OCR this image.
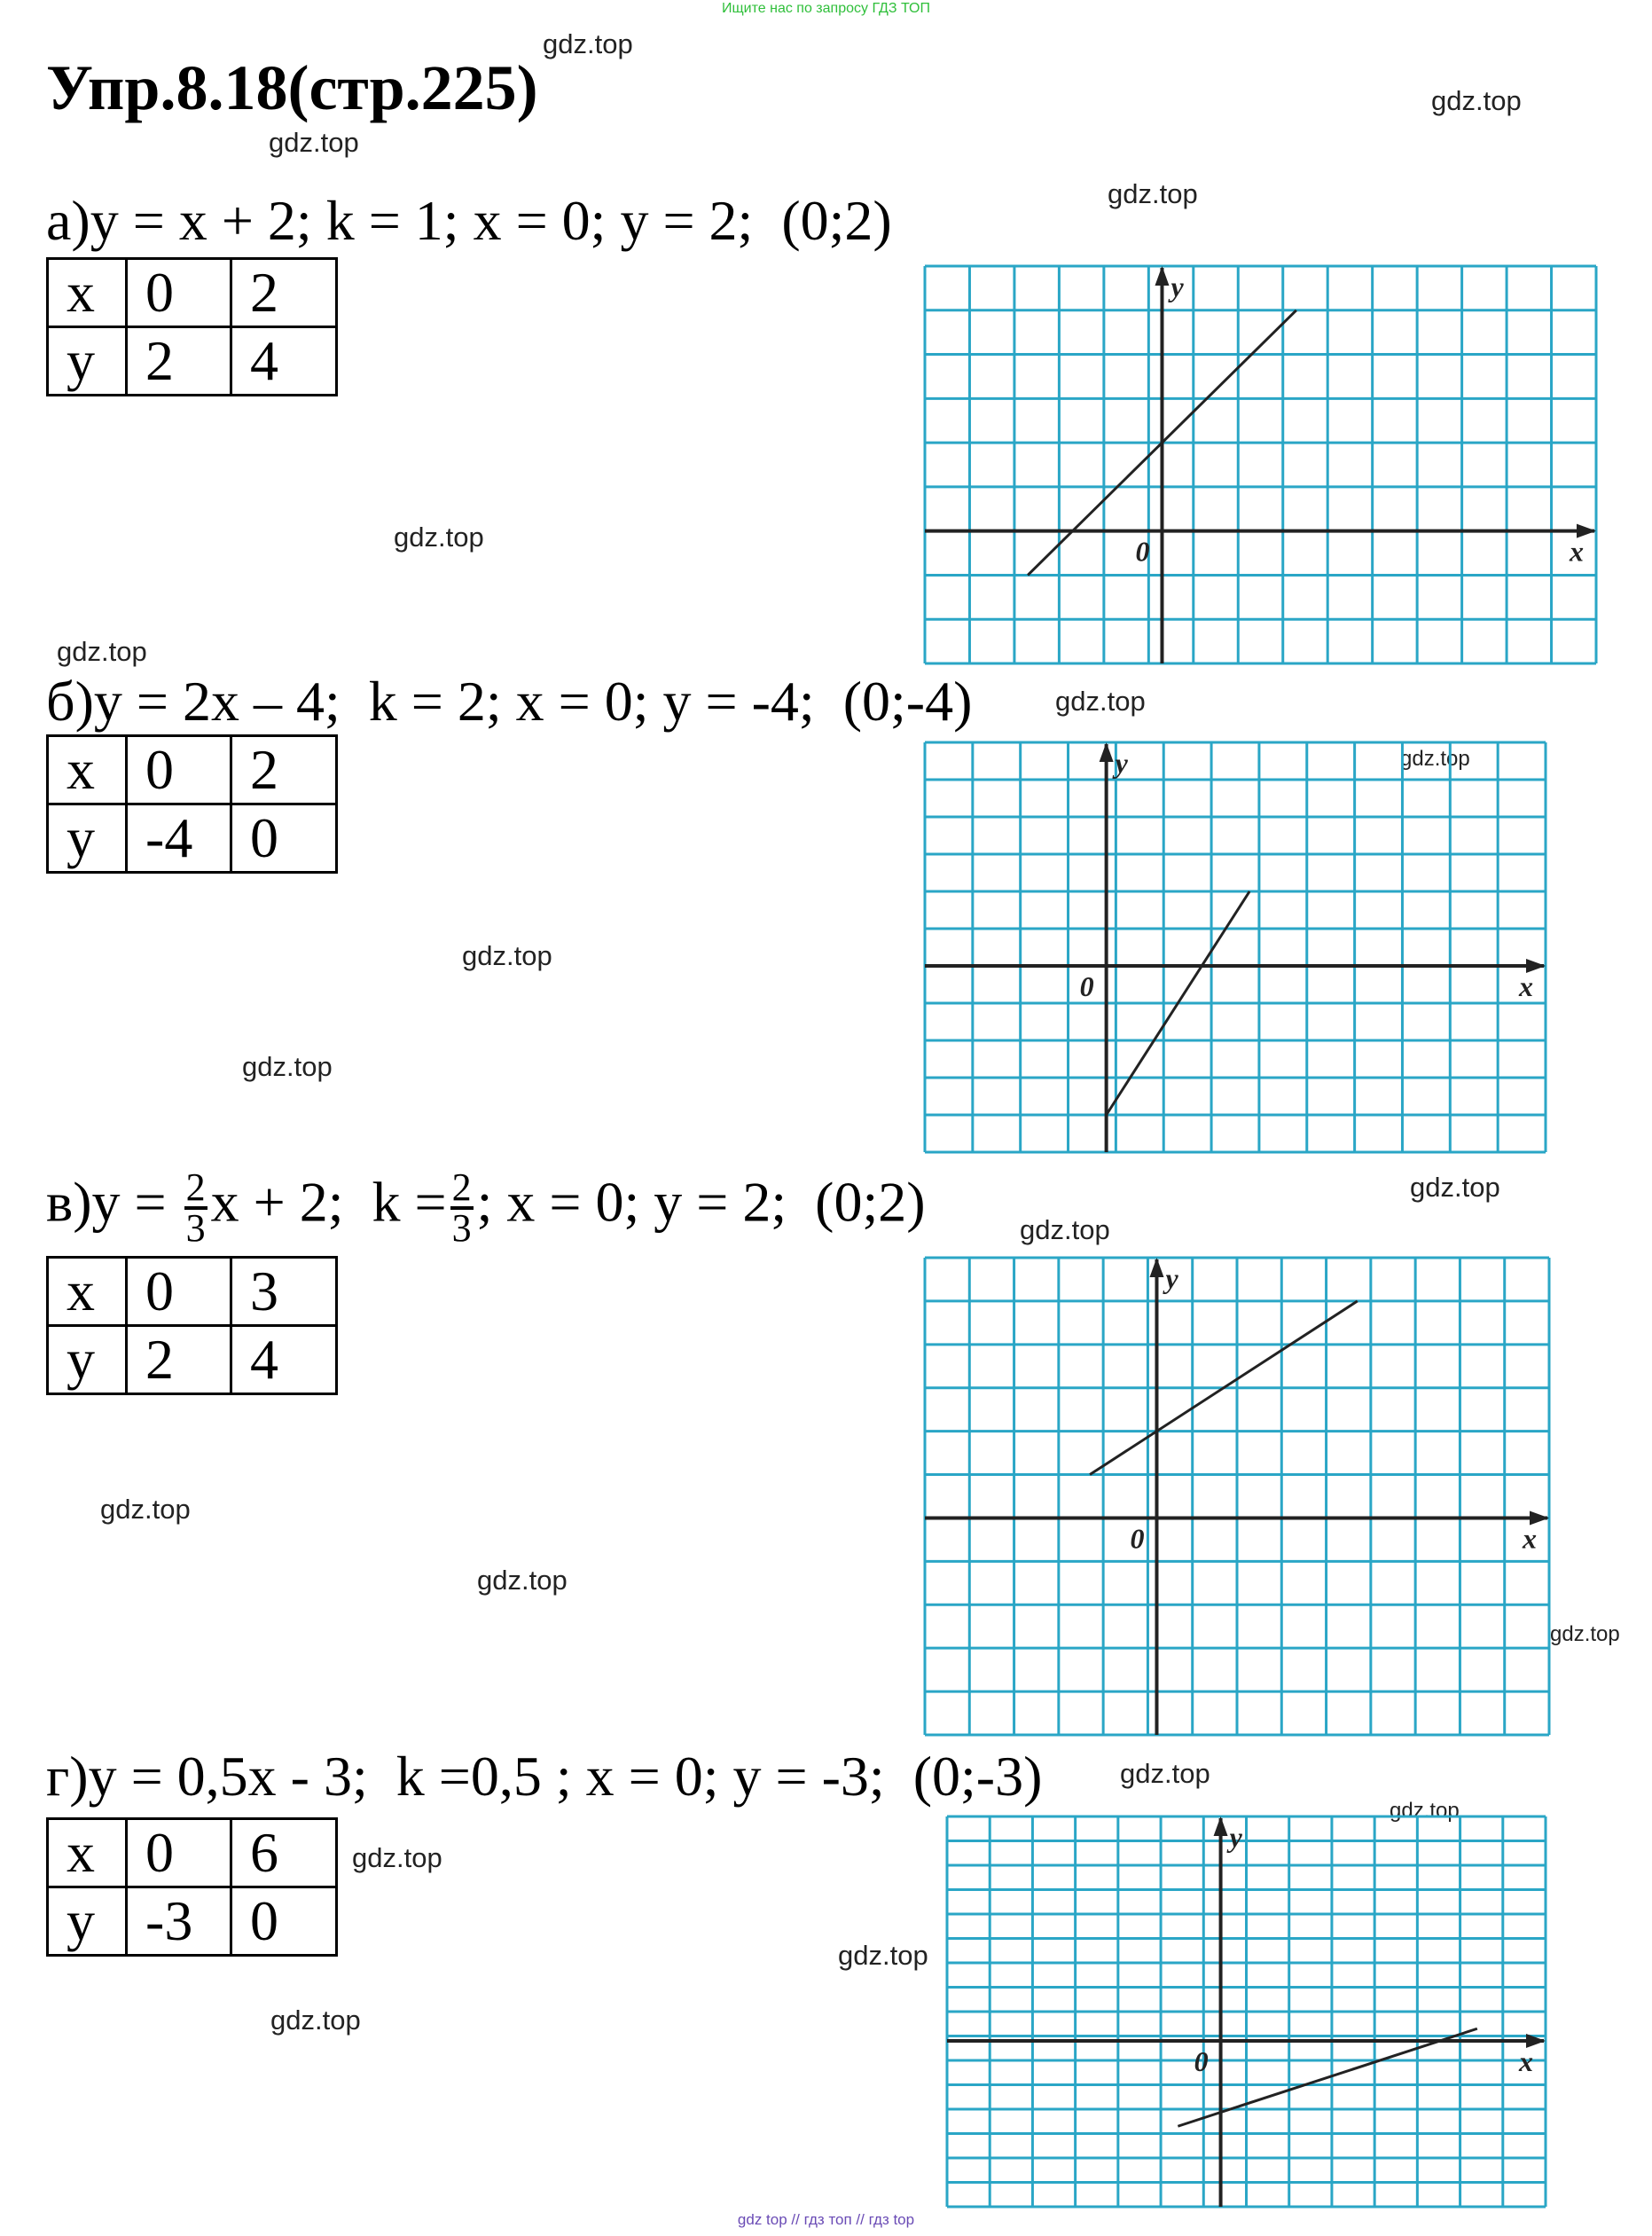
Ищите нас по запросу ГДЗ ТОП
Упр.8.18(стр.225)
gdz.top
gdz.top
gdz.top
gdz.top
gdz.top
gdz.top
gdz.top
gdz.top
gdz.top
gdz.top
gdz.top
gdz.top
gdz.top
gdz.top
gdz.top
gdz.top
gdz.top
gdz.top
gdz.top
gdz.top
а)y = x + 2; k = 1; x = 0; y = 2; (0;2)
x	0	2
y	2	4
x
y
0
б)y = 2x – 4; k = 2; x = 0; y = -4; (0;-4)
x	0	2
y	-4	0
x
y
0
$в)y = \frac{2}{3}$ x + 2; $k = \frac{2}{3}$ ; x = 0; y = 2; (0;2)
x	0	3
y	2	4
x
y
0
г)y = 0,5x - 3; k =0,5 ; x = 0; y = -3; (0;-3)
x	0	6
y	-3	0
x
y
0
gdz top // гдз топ // гдз top
